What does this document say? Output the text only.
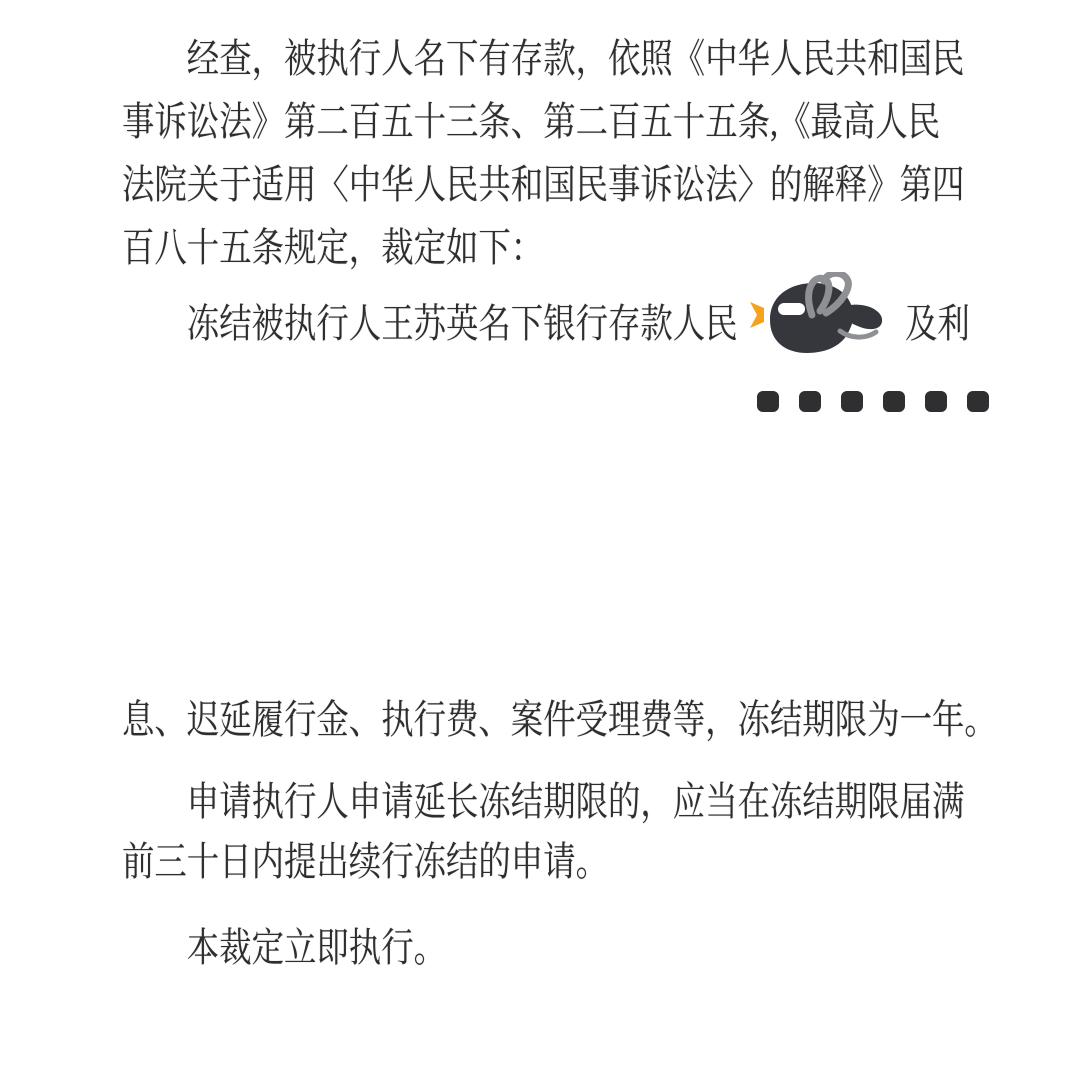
　　经查，被执行人名下有存款，依照《中华人民共和国民
事诉讼法》第二百五十三条、第二百五十五条,《最高人民
法院关于适用〈中华人民共和国民事诉讼法〉的解释》第四
百八十五条规定，裁定如下：
　　冻结被执行人王苏英名下银行存款人民	及利
息、迟延履行金、执行费、案件受理费等，冻结期限为一年。
　　申请执行人申请延长冻结期限的，应当在冻结期限届满
前三十日内提出续行冻结的申请。
　　本裁定立即执行。
